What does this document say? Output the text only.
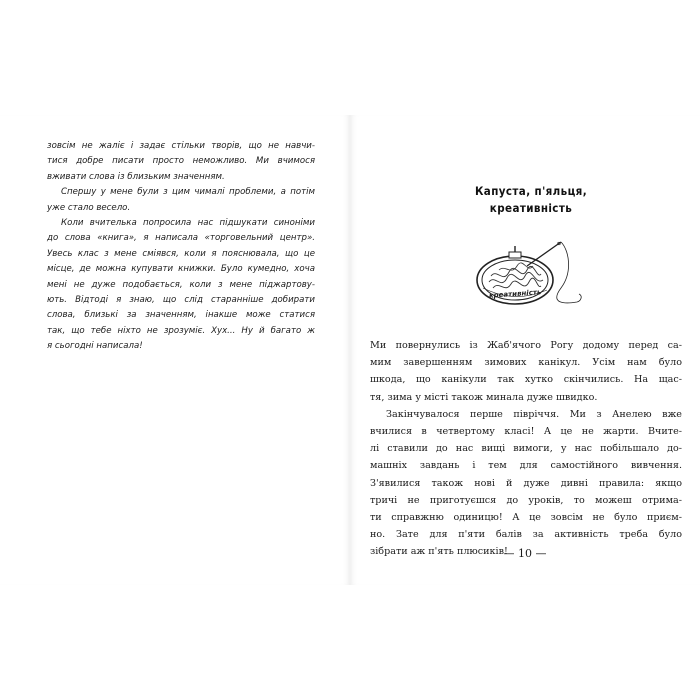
зовсім не жаліє і задає стільки творів, що не навчи-
тися добре писати просто неможливо. Ми вчимося
вживати слова із близьким значенням.
Спершу у мене були з цим чималі проблеми, а потім
уже стало весело.
Коли вчителька попросила нас підшукати синоніми
до слова «книга», я написала «торговельний центр».
Увесь клас з мене сміявся, коли я пояснювала, що це
місце, де можна купувати книжки. Було кумедно, хоча
мені не дуже подобається, коли з мене піджартову-
ють. Відтоді я знаю, що слід старанніше добирати
слова, близькі за значенням, інакше може статися
так, що тебе ніхто не зрозуміє. Хух... Ну й багато ж
я сьогодні написала!
Капуста, п'яльця,
креативність
креативність
Ми повернулись із Жаб'ячого Рогу додому перед са-
мим завершенням зимових канікул. Усім нам було
шкода, що канікули так хутко скінчились. На щас-
тя, зима у місті також минала дуже швидко.
Закінчувалося перше півріччя. Ми з Анелею вже
вчилися в четвертому класі! А це не жарти. Вчите-
лі ставили до нас вищі вимоги, у нас побільшало до-
машніх завдань і тем для самостійного вивчення.
З'явилися також нові й дуже дивні правила: якщо
тричі не приготуєшся до уроків, то можеш отрима-
ти справжню одиницю! А це зовсім не було приєм-
но. Зате для п'яти балів за активність треба було
зібрати аж п'ять плюсиків!
— 10 —
